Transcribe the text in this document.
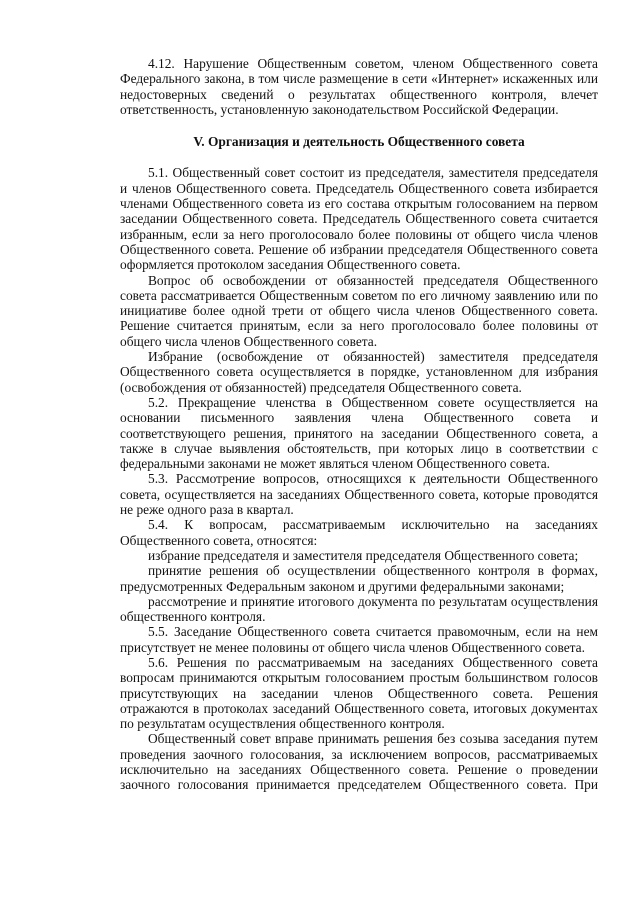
4.12. Нарушение Общественным советом, членом Общественного совета Федерального закона, в том числе размещение в сети «Интернет» искаженных или недостоверных сведений о результатах общественного контроля, влечет ответственность, установленную законодательством Российской Федерации.

V. Организация и деятельность Общественного совета

5.1. Общественный совет состоит из председателя, заместителя председателя и членов Общественного совета. Председатель Общественного совета избирается членами Общественного совета из его состава открытым голосованием на первом заседании Общественного совета. Председатель Общественного совета считается избранным, если за него проголосовало более половины от общего числа членов Общественного совета. Решение об избрании председателя Общественного совета оформляется протоколом заседания Общественного совета.

Вопрос об освобождении от обязанностей председателя Общественного совета рассматривается Общественным советом по его личному заявлению или по инициативе более одной трети от общего числа членов Общественного совета. Решение считается принятым, если за него проголосовало более половины от общего числа членов Общественного совета.

Избрание (освобождение от обязанностей) заместителя председателя Общественного совета осуществляется в порядке, установленном для избрания (освобождения от обязанностей) председателя Общественного совета.

5.2. Прекращение членства в Общественном совете осуществляется на основании письменного заявления члена Общественного совета и соответствующего решения, принятого на заседании Общественного совета, а также в случае выявления обстоятельств, при которых лицо в соответствии с федеральными законами не может являться членом Общественного совета.

5.3. Рассмотрение вопросов, относящихся к деятельности Общественного совета, осуществляется на заседаниях Общественного совета, которые проводятся не реже одного раза в квартал.

5.4. К вопросам, рассматриваемым исключительно на заседаниях Общественного совета, относятся:

избрание председателя и заместителя председателя Общественного совета;

принятие решения об осуществлении общественного контроля в формах, предусмотренных Федеральным законом и другими федеральными законами;

рассмотрение и принятие итогового документа по результатам осуществления общественного контроля.

5.5. Заседание Общественного совета считается правомочным, если на нем присутствует не менее половины от общего числа членов Общественного совета.

5.6. Решения по рассматриваемым на заседаниях Общественного совета вопросам принимаются открытым голосованием простым большинством голосов присутствующих на заседании членов Общественного совета. Решения отражаются в протоколах заседаний Общественного совета, итоговых документах по результатам осуществления общественного контроля.

Общественный совет вправе принимать решения без созыва заседания путем проведения заочного голосования, за исключением вопросов, рассматриваемых исключительно на заседаниях Общественного совета. Решение о проведении заочного голосования принимается председателем Общественного совета. При
